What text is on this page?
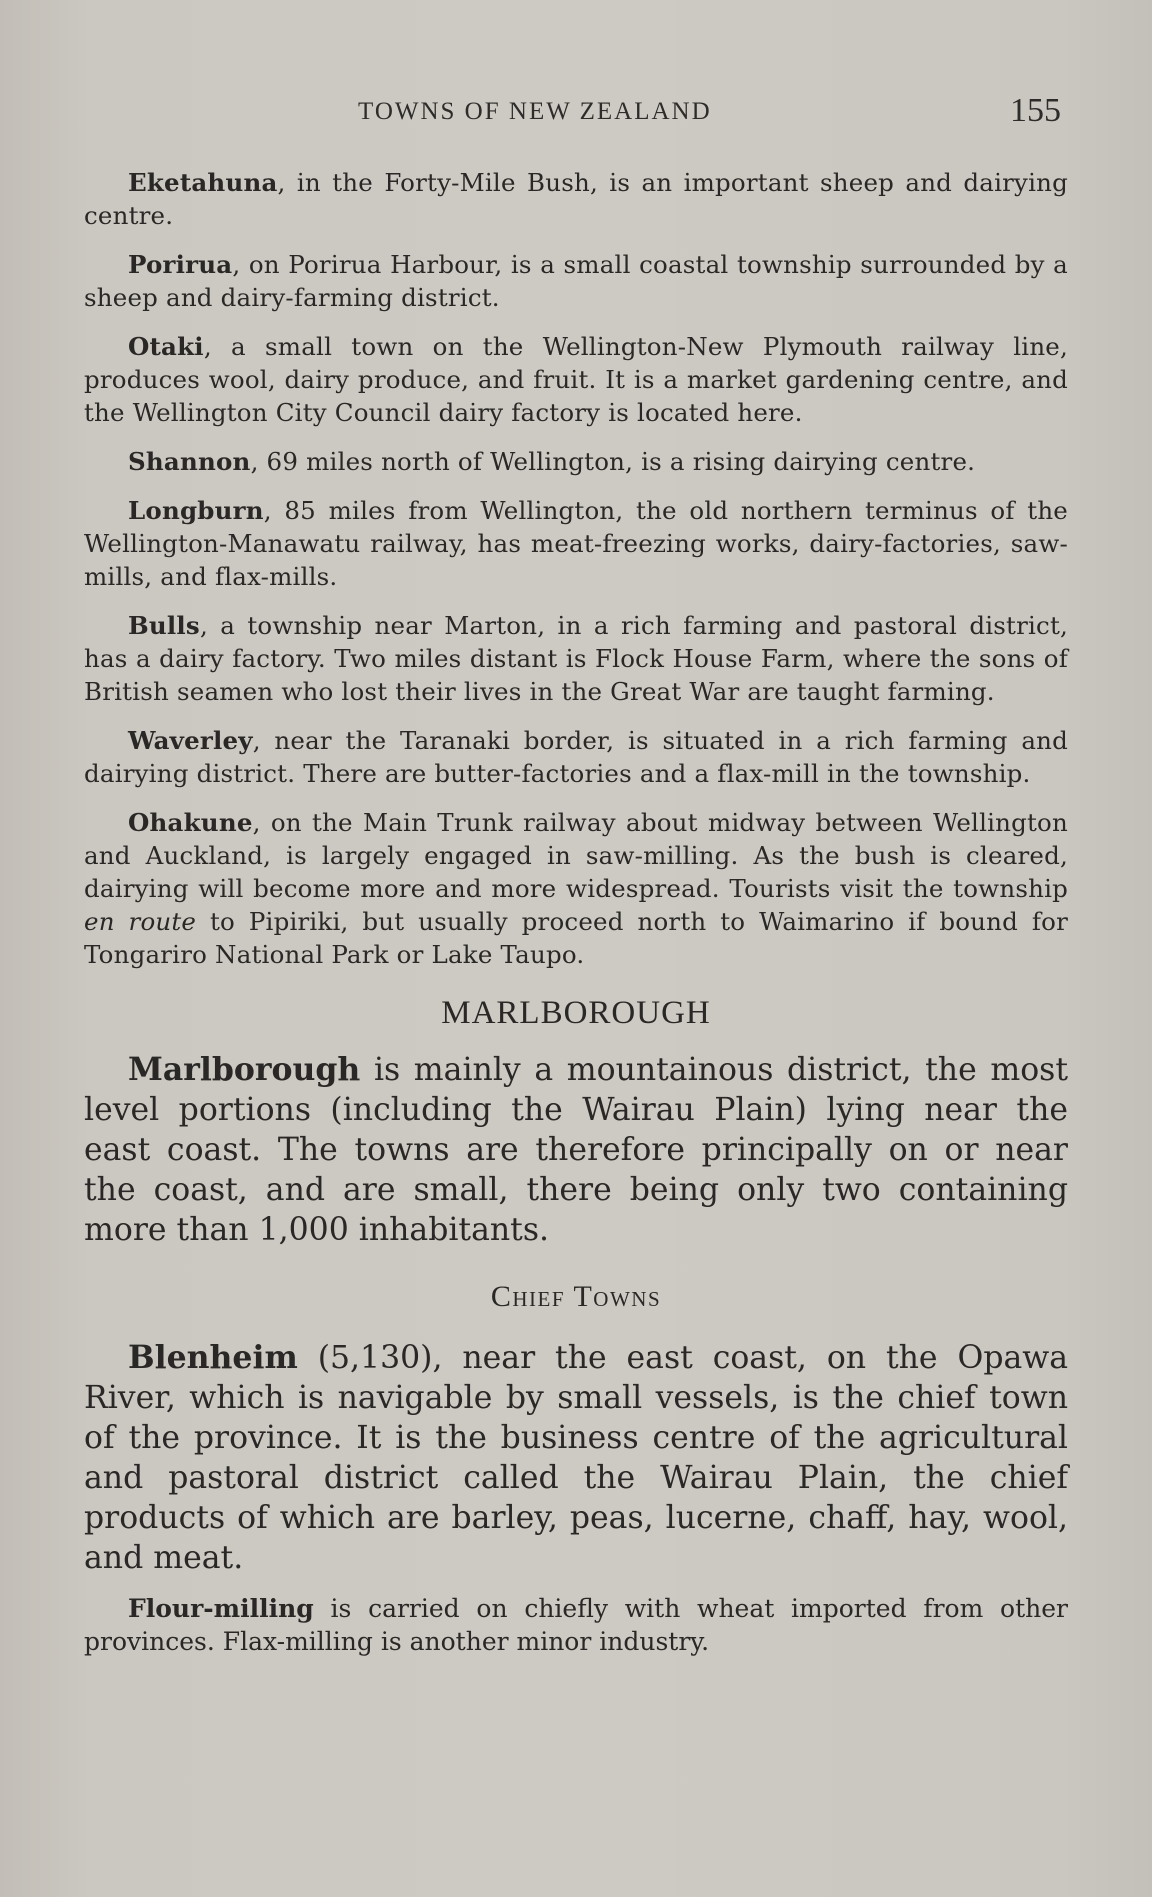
TOWNS OF NEW ZEALAND	155

Eketahuna, in the Forty-Mile Bush, is an important sheep and dairying centre.

Porirua, on Porirua Harbour, is a small coastal township surrounded by a sheep and dairy-farming district.

Otaki, a small town on the Wellington-New Plymouth railway line, produces wool, dairy produce, and fruit. It is a market gardening centre, and the Wellington City Council dairy factory is located here.

Shannon, 69 miles north of Wellington, is a rising dairying centre.

Longburn, 85 miles from Wellington, the old northern terminus of the Wellington-Manawatu railway, has meat-freezing works, dairy-factories, saw-mills, and flax-mills.

Bulls, a township near Marton, in a rich farming and pastoral district, has a dairy factory. Two miles distant is Flock House Farm, where the sons of British seamen who lost their lives in the Great War are taught farming.

Waverley, near the Taranaki border, is situated in a rich farming and dairying district. There are butter-factories and a flax-mill in the township.

Ohakune, on the Main Trunk railway about midway between Wellington and Auckland, is largely engaged in saw-milling. As the bush is cleared, dairying will become more and more widespread. Tourists visit the township en route to Pipiriki, but usually proceed north to Waimarino if bound for Tongariro National Park or Lake Taupo.

MARLBOROUGH

Marlborough is mainly a mountainous district, the most level portions (including the Wairau Plain) lying near the east coast. The towns are therefore principally on or near the coast, and are small, there being only two containing more than 1,000 inhabitants.

Chief Towns

Blenheim (5,130), near the east coast, on the Opawa River, which is navigable by small vessels, is the chief town of the province. It is the business centre of the agricultural and pastoral district called the Wairau Plain, the chief products of which are barley, peas, lucerne, chaff, hay, wool, and meat.

Flour-milling is carried on chiefly with wheat imported from other provinces. Flax-milling is another minor industry.
